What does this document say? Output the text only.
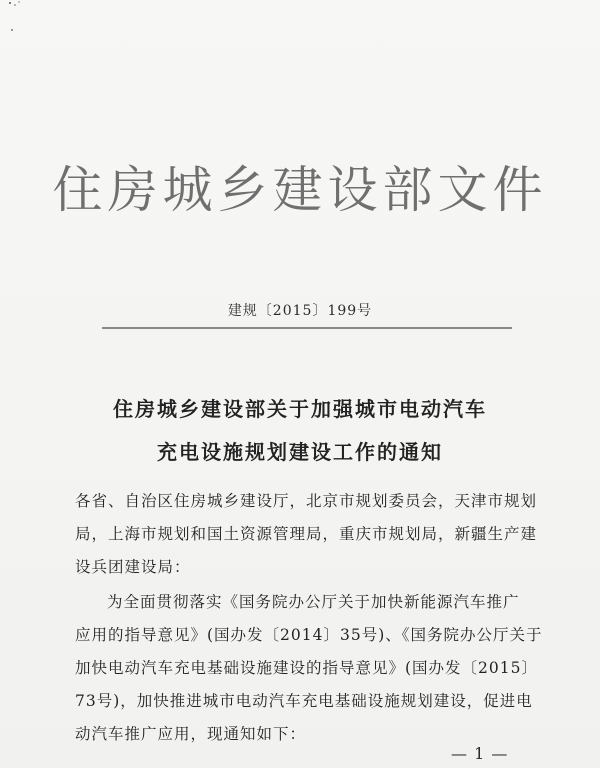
住房城乡建设部文件
建规〔2015〕199号
住房城乡建设部关于加强城市电动汽车
充电设施规划建设工作的通知
各省、自治区住房城乡建设厅，北京市规划委员会，天津市规划
局，上海市规划和国土资源管理局，重庆市规划局，新疆生产建
设兵团建设局：
为全面贯彻落实《国务院办公厅关于加快新能源汽车推广
应用的指导意见》(国办发〔2014〕35号)、《国务院办公厅关于
加快电动汽车充电基础设施建设的指导意见》(国办发〔2015〕
73号)，加快推进城市电动汽车充电基础设施规划建设，促进电
动汽车推广应用，现通知如下：
— 1 —
